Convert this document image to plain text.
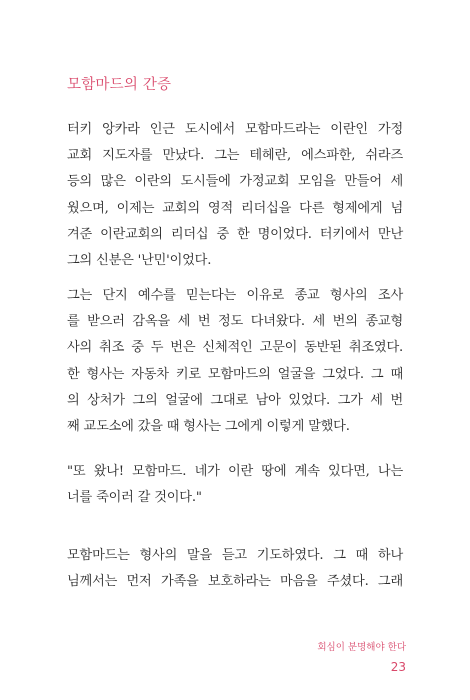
모함마드의 간증
터키 앙카라 인근 도시에서 모함마드라는 이란인 가정
교회 지도자를 만났다. 그는 테헤란, 에스파한, 쉬라즈
등의 많은 이란의 도시들에 가정교회 모임을 만들어 세
웠으며, 이제는 교회의 영적 리더십을 다른 형제에게 넘
겨준 이란교회의 리더십 중 한 명이었다. 터키에서 만난
그의 신분은 '난민'이었다.
그는 단지 예수를 믿는다는 이유로 종교 형사의 조사
를 받으러 감옥을 세 번 정도 다녀왔다. 세 번의 종교형
사의 취조 중 두 번은 신체적인 고문이 동반된 취조였다.
한 형사는 자동차 키로 모함마드의 얼굴을 그었다. 그 때
의 상처가 그의 얼굴에 그대로 남아 있었다. 그가 세 번
째 교도소에 갔을 때 형사는 그에게 이렇게 말했다.
"또 왔나! 모함마드. 네가 이란 땅에 계속 있다면, 나는
너를 죽이러 갈 것이다."
모함마드는 형사의 말을 듣고 기도하였다. 그 때 하나
님께서는 먼저 가족을 보호하라는 마음을 주셨다. 그래
회심이 분명해야 한다
23
